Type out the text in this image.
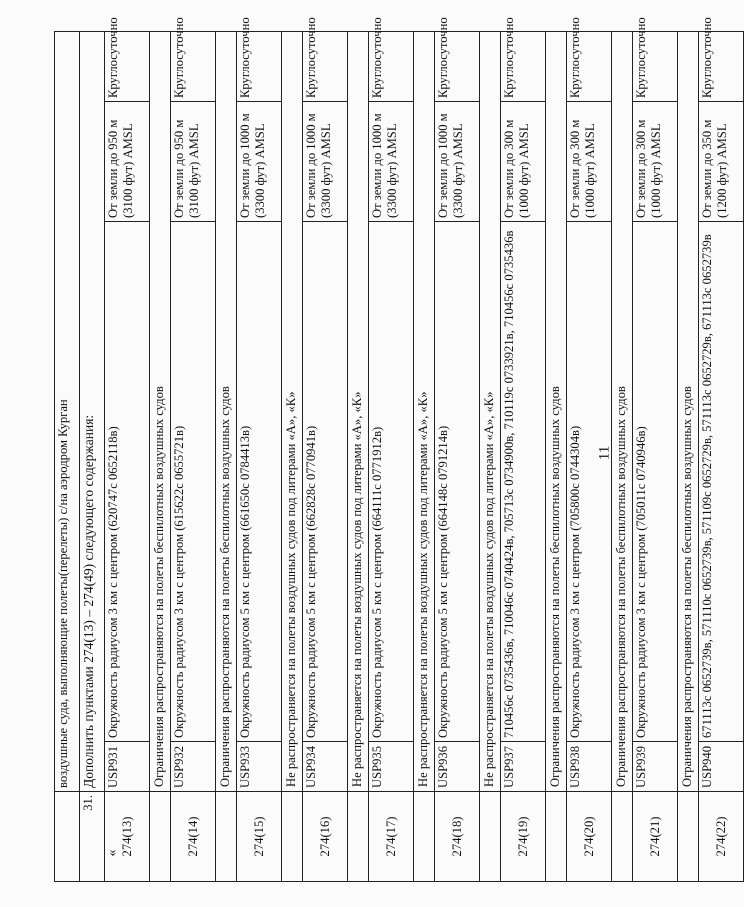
11
«
	воздушные суда, выполняющие полеты(перелеты) с/на аэродром Курган			
31.	Дополнить пунктами 274(13) – 274(49) следующего содержания:			
274(13)	USP931	Окружность радиусом 3 км с центром (620747с 0652118в)	От земли до 950 м (3100 фут) AMSL	Круглосуточно
	Ограничения распространяются на полеты беспилотных воздушных судов			
274(14)	USP932	Окружность радиусом 3 км с центром (615622с 0655721в)	От земли до 950 м (3100 фут) AMSL	Круглосуточно
	Ограничения распространяются на полеты беспилотных воздушных судов			
274(15)	USP933	Окружность радиусом 5 км с центром (661650с 0784413в)	От земли до 1000 м (3300 фут) AMSL	Круглосуточно
	Не распространяется на полеты воздушных судов под литерами «А», «К»			
274(16)	USP934	Окружность радиусом 5 км с центром (662828с 0770941в)	От земли до 1000 м (3300 фут) AMSL	Круглосуточно
	Не распространяется на полеты воздушных судов под литерами «А», «К»			
274(17)	USP935	Окружность радиусом 5 км с центром (664111с 0771912в)	От земли до 1000 м (3300 фут) AMSL	Круглосуточно
	Не распространяется на полеты воздушных судов под литерами «А», «К»			
274(18)	USP936	Окружность радиусом 5 км с центром (664148с 0791214в)	От земли до 1000 м (3300 фут) AMSL	Круглосуточно
	Не распространяется на полеты воздушных судов под литерами «А», «К»			
274(19)	USP937	710456с 0735436в, 710046с 0740424в, 705713с 0734900в, 710119с 0733921в, 710456с 0735436в	От земли до 300 м (1000 фут) AMSL	Круглосуточно
	Ограничения распространяются на полеты беспилотных воздушных судов			
274(20)	USP938	Окружность радиусом 3 км с центром (705800с 0744304в)	От земли до 300 м (1000 фут) AMSL	Круглосуточно
	Ограничения распространяются на полеты беспилотных воздушных судов			
274(21)	USP939	Окружность радиусом 3 км с центром (705011с 0740946в)	От земли до 300 м (1000 фут) AMSL	Круглосуточно
	Ограничения распространяются на полеты беспилотных воздушных судов			
274(22)	USP940	671113с 0652739в, 571110с 0652739в, 571109с 0652729в, 571113с 0652729в, 671113с 0652739в	От земли до 350 м (1200 фут) AMSL	Круглосуточно
